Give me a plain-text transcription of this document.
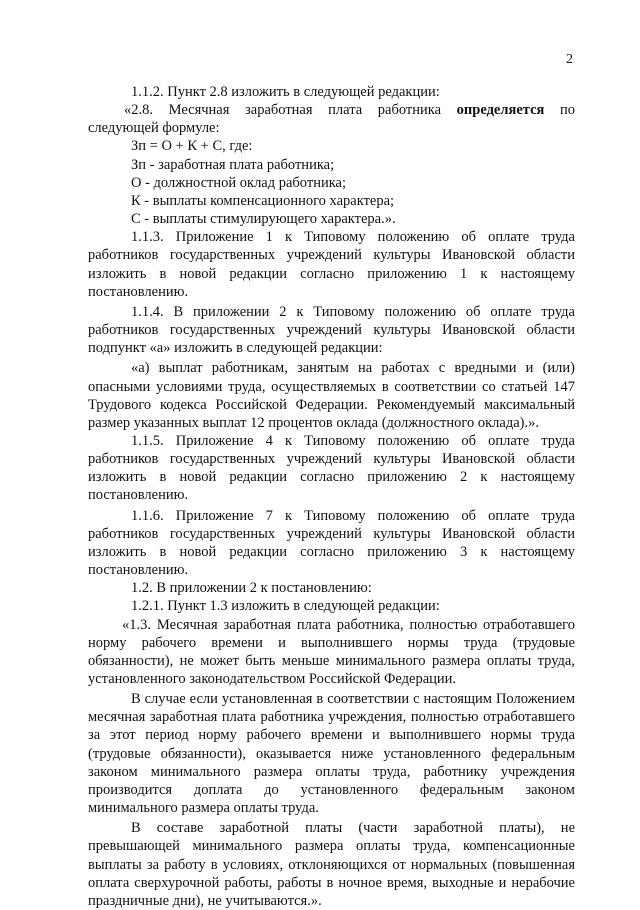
2

1.1.2. Пункт 2.8 изложить в следующей редакции:

«2.8. Месячная заработная плата работника определяется по следующей формуле:

Зп = О + К + С, где:

Зп - заработная плата работника;

О - должностной оклад работника;

К - выплаты компенсационного характера;

С - выплаты стимулирующего характера.».

1.1.3. Приложение 1 к Типовому положению об оплате труда работников государственных учреждений культуры Ивановской области изложить в новой редакции согласно приложению 1 к настоящему постановлению.

1.1.4. В приложении 2 к Типовому положению об оплате труда работников государственных учреждений культуры Ивановской области подпункт «а» изложить в следующей редакции:

«а) выплат работникам, занятым на работах с вредными и (или) опасными условиями труда, осуществляемых в соответствии со статьей 147 Трудового кодекса Российской Федерации. Рекомендуемый максимальный размер указанных выплат 12 процентов оклада (должностного оклада).».

1.1.5. Приложение 4 к Типовому положению об оплате труда работников государственных учреждений культуры Ивановской области изложить в новой редакции согласно приложению 2 к настоящему постановлению.

1.1.6. Приложение 7 к Типовому положению об оплате труда работников государственных учреждений культуры Ивановской области изложить в новой редакции согласно приложению 3 к настоящему постановлению.

1.2. В приложении 2 к постановлению:

1.2.1. Пункт 1.3 изложить в следующей редакции:

«1.3. Месячная заработная плата работника, полностью отработавшего норму рабочего времени и выполнившего нормы труда (трудовые обязанности), не может быть меньше минимального размера оплаты труда, установленного законодательством Российской Федерации.

В случае если установленная в соответствии с настоящим Положением месячная заработная плата работника учреждения, полностью отработавшего за этот период норму рабочего времени и выполнившего нормы труда (трудовые обязанности), оказывается ниже установленного федеральным законом минимального размера оплаты труда, работнику учреждения производится доплата до установленного федеральным законом минимального размера оплаты труда.

В составе заработной платы (части заработной платы), не превышающей минимального размера оплаты труда, компенсационные выплаты за работу в условиях, отклоняющихся от нормальных (повышенная оплата сверхурочной работы, работы в ночное время, выходные и нерабочие праздничные дни), не учитываются.».
